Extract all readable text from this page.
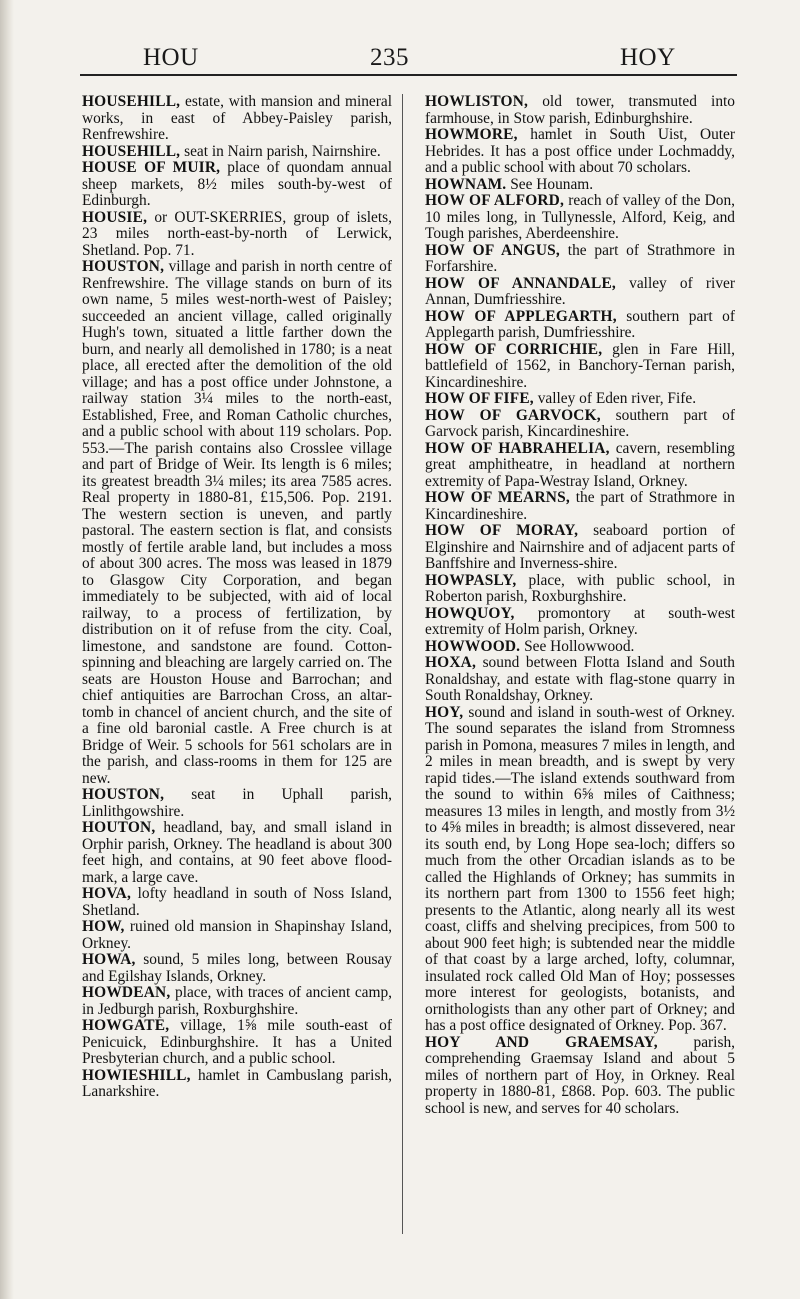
HOU	235	HOY

HOUSEHILL, estate, with mansion and mineral works, in east of Abbey-Paisley parish, Renfrewshire.

HOUSEHILL, seat in Nairn parish, Nairnshire.

HOUSE OF MUIR, place of quondam annual sheep markets, 8½ miles south-by-west of Edinburgh.

HOUSIE, or OUT-SKERRIES, group of islets, 23 miles north-east-by-north of Lerwick, Shetland. Pop. 71.

HOUSTON, village and parish in north centre of Renfrewshire. The village stands on burn of its own name, 5 miles west-north-west of Paisley; succeeded an ancient village, called originally Hugh's town, situated a little farther down the burn, and nearly all demolished in 1780; is a neat place, all erected after the demolition of the old village; and has a post office under Johnstone, a railway station 3¼ miles to the north-east, Established, Free, and Roman Catholic churches, and a public school with about 119 scholars. Pop. 553.—The parish contains also Crosslee village and part of Bridge of Weir. Its length is 6 miles; its greatest breadth 3¼ miles; its area 7585 acres. Real property in 1880-81, £15,506. Pop. 2191. The western section is uneven, and partly pastoral. The eastern section is flat, and consists mostly of fertile arable land, but includes a moss of about 300 acres. The moss was leased in 1879 to Glasgow City Corporation, and began immediately to be subjected, with aid of local railway, to a process of fertilization, by distribution on it of refuse from the city. Coal, limestone, and sandstone are found. Cotton-spinning and bleaching are largely carried on. The seats are Houston House and Barrochan; and chief antiquities are Barrochan Cross, an altar-tomb in chancel of ancient church, and the site of a fine old baronial castle. A Free church is at Bridge of Weir. 5 schools for 561 scholars are in the parish, and class-rooms in them for 125 are new.

HOUSTON, seat in Uphall parish, Linlithgowshire.

HOUTON, headland, bay, and small island in Orphir parish, Orkney. The headland is about 300 feet high, and contains, at 90 feet above flood-mark, a large cave.

HOVA, lofty headland in south of Noss Island, Shetland.

HOW, ruined old mansion in Shapinshay Island, Orkney.

HOWA, sound, 5 miles long, between Rousay and Egilshay Islands, Orkney.

HOWDEAN, place, with traces of ancient camp, in Jedburgh parish, Roxburghshire.

HOWGATE, village, 1⅝ mile south-east of Penicuick, Edinburghshire. It has a United Presbyterian church, and a public school.

HOWIESHILL, hamlet in Cambuslang parish, Lanarkshire.

HOWLISTON, old tower, transmuted into farmhouse, in Stow parish, Edinburghshire.

HOWMORE, hamlet in South Uist, Outer Hebrides. It has a post office under Lochmaddy, and a public school with about 70 scholars.

HOWNAM. See Hounam.

HOW OF ALFORD, reach of valley of the Don, 10 miles long, in Tullynessle, Alford, Keig, and Tough parishes, Aberdeenshire.

HOW OF ANGUS, the part of Strathmore in Forfarshire.

HOW OF ANNANDALE, valley of river Annan, Dumfriesshire.

HOW OF APPLEGARTH, southern part of Applegarth parish, Dumfriesshire.

HOW OF CORRICHIE, glen in Fare Hill, battlefield of 1562, in Banchory-Ternan parish, Kincardineshire.

HOW OF FIFE, valley of Eden river, Fife.

HOW OF GARVOCK, southern part of Garvock parish, Kincardineshire.

HOW OF HABRAHELIA, cavern, resembling great amphitheatre, in headland at northern extremity of Papa-Westray Island, Orkney.

HOW OF MEARNS, the part of Strathmore in Kincardineshire.

HOW OF MORAY, seaboard portion of Elginshire and Nairnshire and of adjacent parts of Banffshire and Inverness-shire.

HOWPASLY, place, with public school, in Roberton parish, Roxburghshire.

HOWQUOY, promontory at south-west extremity of Holm parish, Orkney.

HOWWOOD. See Hollowwood.

HOXA, sound between Flotta Island and South Ronaldshay, and estate with flag-stone quarry in South Ronaldshay, Orkney.

HOY, sound and island in south-west of Orkney. The sound separates the island from Stromness parish in Pomona, measures 7 miles in length, and 2 miles in mean breadth, and is swept by very rapid tides.—The island extends southward from the sound to within 6⅝ miles of Caithness; measures 13 miles in length, and mostly from 3½ to 4⅝ miles in breadth; is almost dissevered, near its south end, by Long Hope sea-loch; differs so much from the other Orcadian islands as to be called the Highlands of Orkney; has summits in its northern part from 1300 to 1556 feet high; presents to the Atlantic, along nearly all its west coast, cliffs and shelving precipices, from 500 to about 900 feet high; is subtended near the middle of that coast by a large arched, lofty, columnar, insulated rock called Old Man of Hoy; possesses more interest for geologists, botanists, and ornithologists than any other part of Orkney; and has a post office designated of Orkney. Pop. 367.

HOY AND GRAEMSAY, parish, comprehending Graemsay Island and about 5 miles of northern part of Hoy, in Orkney. Real property in 1880-81, £868. Pop. 603. The public school is new, and serves for 40 scholars.
